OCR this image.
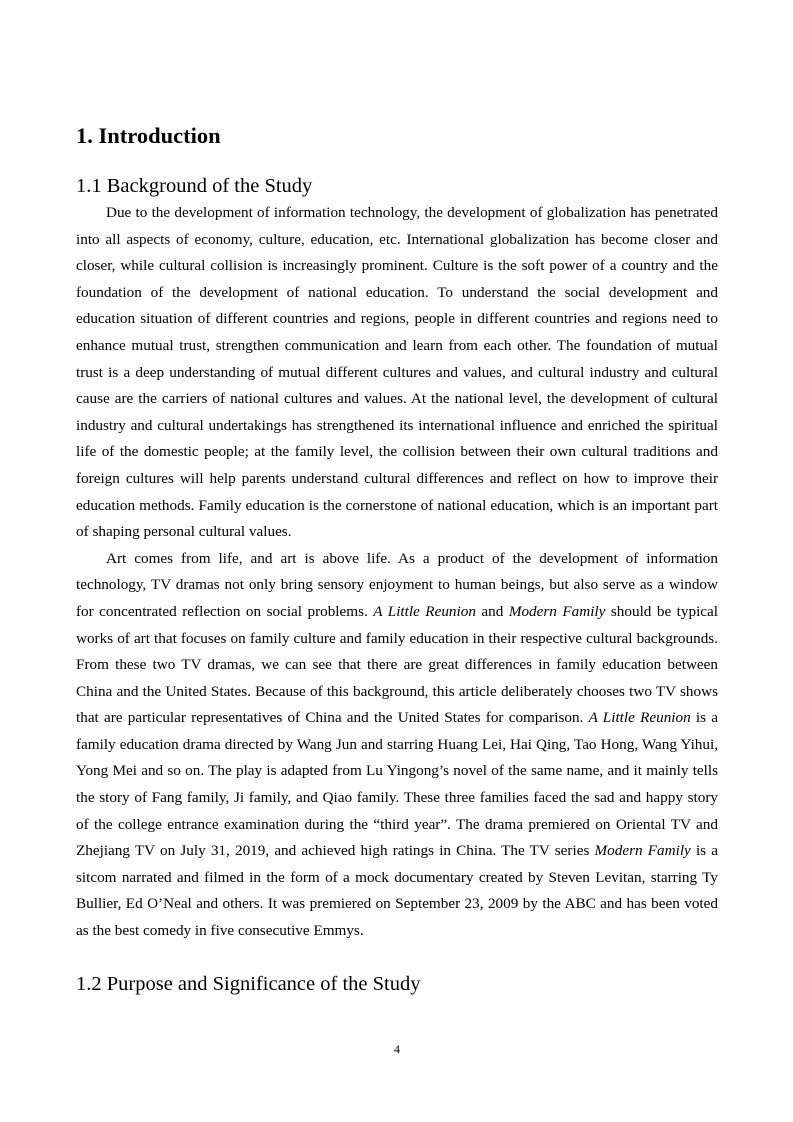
1. Introduction
1.1 Background of the Study

Due to the development of information technology, the development of globalization has penetrated into all aspects of economy, culture, education, etc. International globalization has become closer and closer, while cultural collision is increasingly prominent. Culture is the soft power of a country and the foundation of the development of national education. To understand the social development and education situation of different countries and regions, people in different countries and regions need to enhance mutual trust, strengthen communication and learn from each other. The foundation of mutual trust is a deep understanding of mutual different cultures and values, and cultural industry and cultural cause are the carriers of national cultures and values. At the national level, the development of cultural industry and cultural undertakings has strengthened its international influence and enriched the spiritual life of the domestic people; at the family level, the collision between their own cultural traditions and foreign cultures will help parents understand cultural differences and reflect on how to improve their education methods. Family education is the cornerstone of national education, which is an important part of shaping personal cultural values.

Art comes from life, and art is above life. As a product of the development of information technology, TV dramas not only bring sensory enjoyment to human beings, but also serve as a window for concentrated reflection on social problems. A Little Reunion and Modern Family should be typical works of art that focuses on family culture and family education in their respective cultural backgrounds. From these two TV dramas, we can see that there are great differences in family education between China and the United States. Because of this background, this article deliberately chooses two TV shows that are particular representatives of China and the United States for comparison. A Little Reunion is a family education drama directed by Wang Jun and starring Huang Lei, Hai Qing, Tao Hong, Wang Yihui, Yong Mei and so on. The play is adapted from Lu Yingong’s novel of the same name, and it mainly tells the story of Fang family, Ji family, and Qiao family. These three families faced the sad and happy story of the college entrance examination during the “third year”. The drama premiered on Oriental TV and Zhejiang TV on July 31, 2019, and achieved high ratings in China. The TV series Modern Family is a sitcom narrated and filmed in the form of a mock documentary created by Steven Levitan, starring Ty Bullier, Ed O’Neal and others. It was premiered on September 23, 2009 by the ABC and has been voted as the best comedy in five consecutive Emmys.

1.2 Purpose and Significance of the Study
4
